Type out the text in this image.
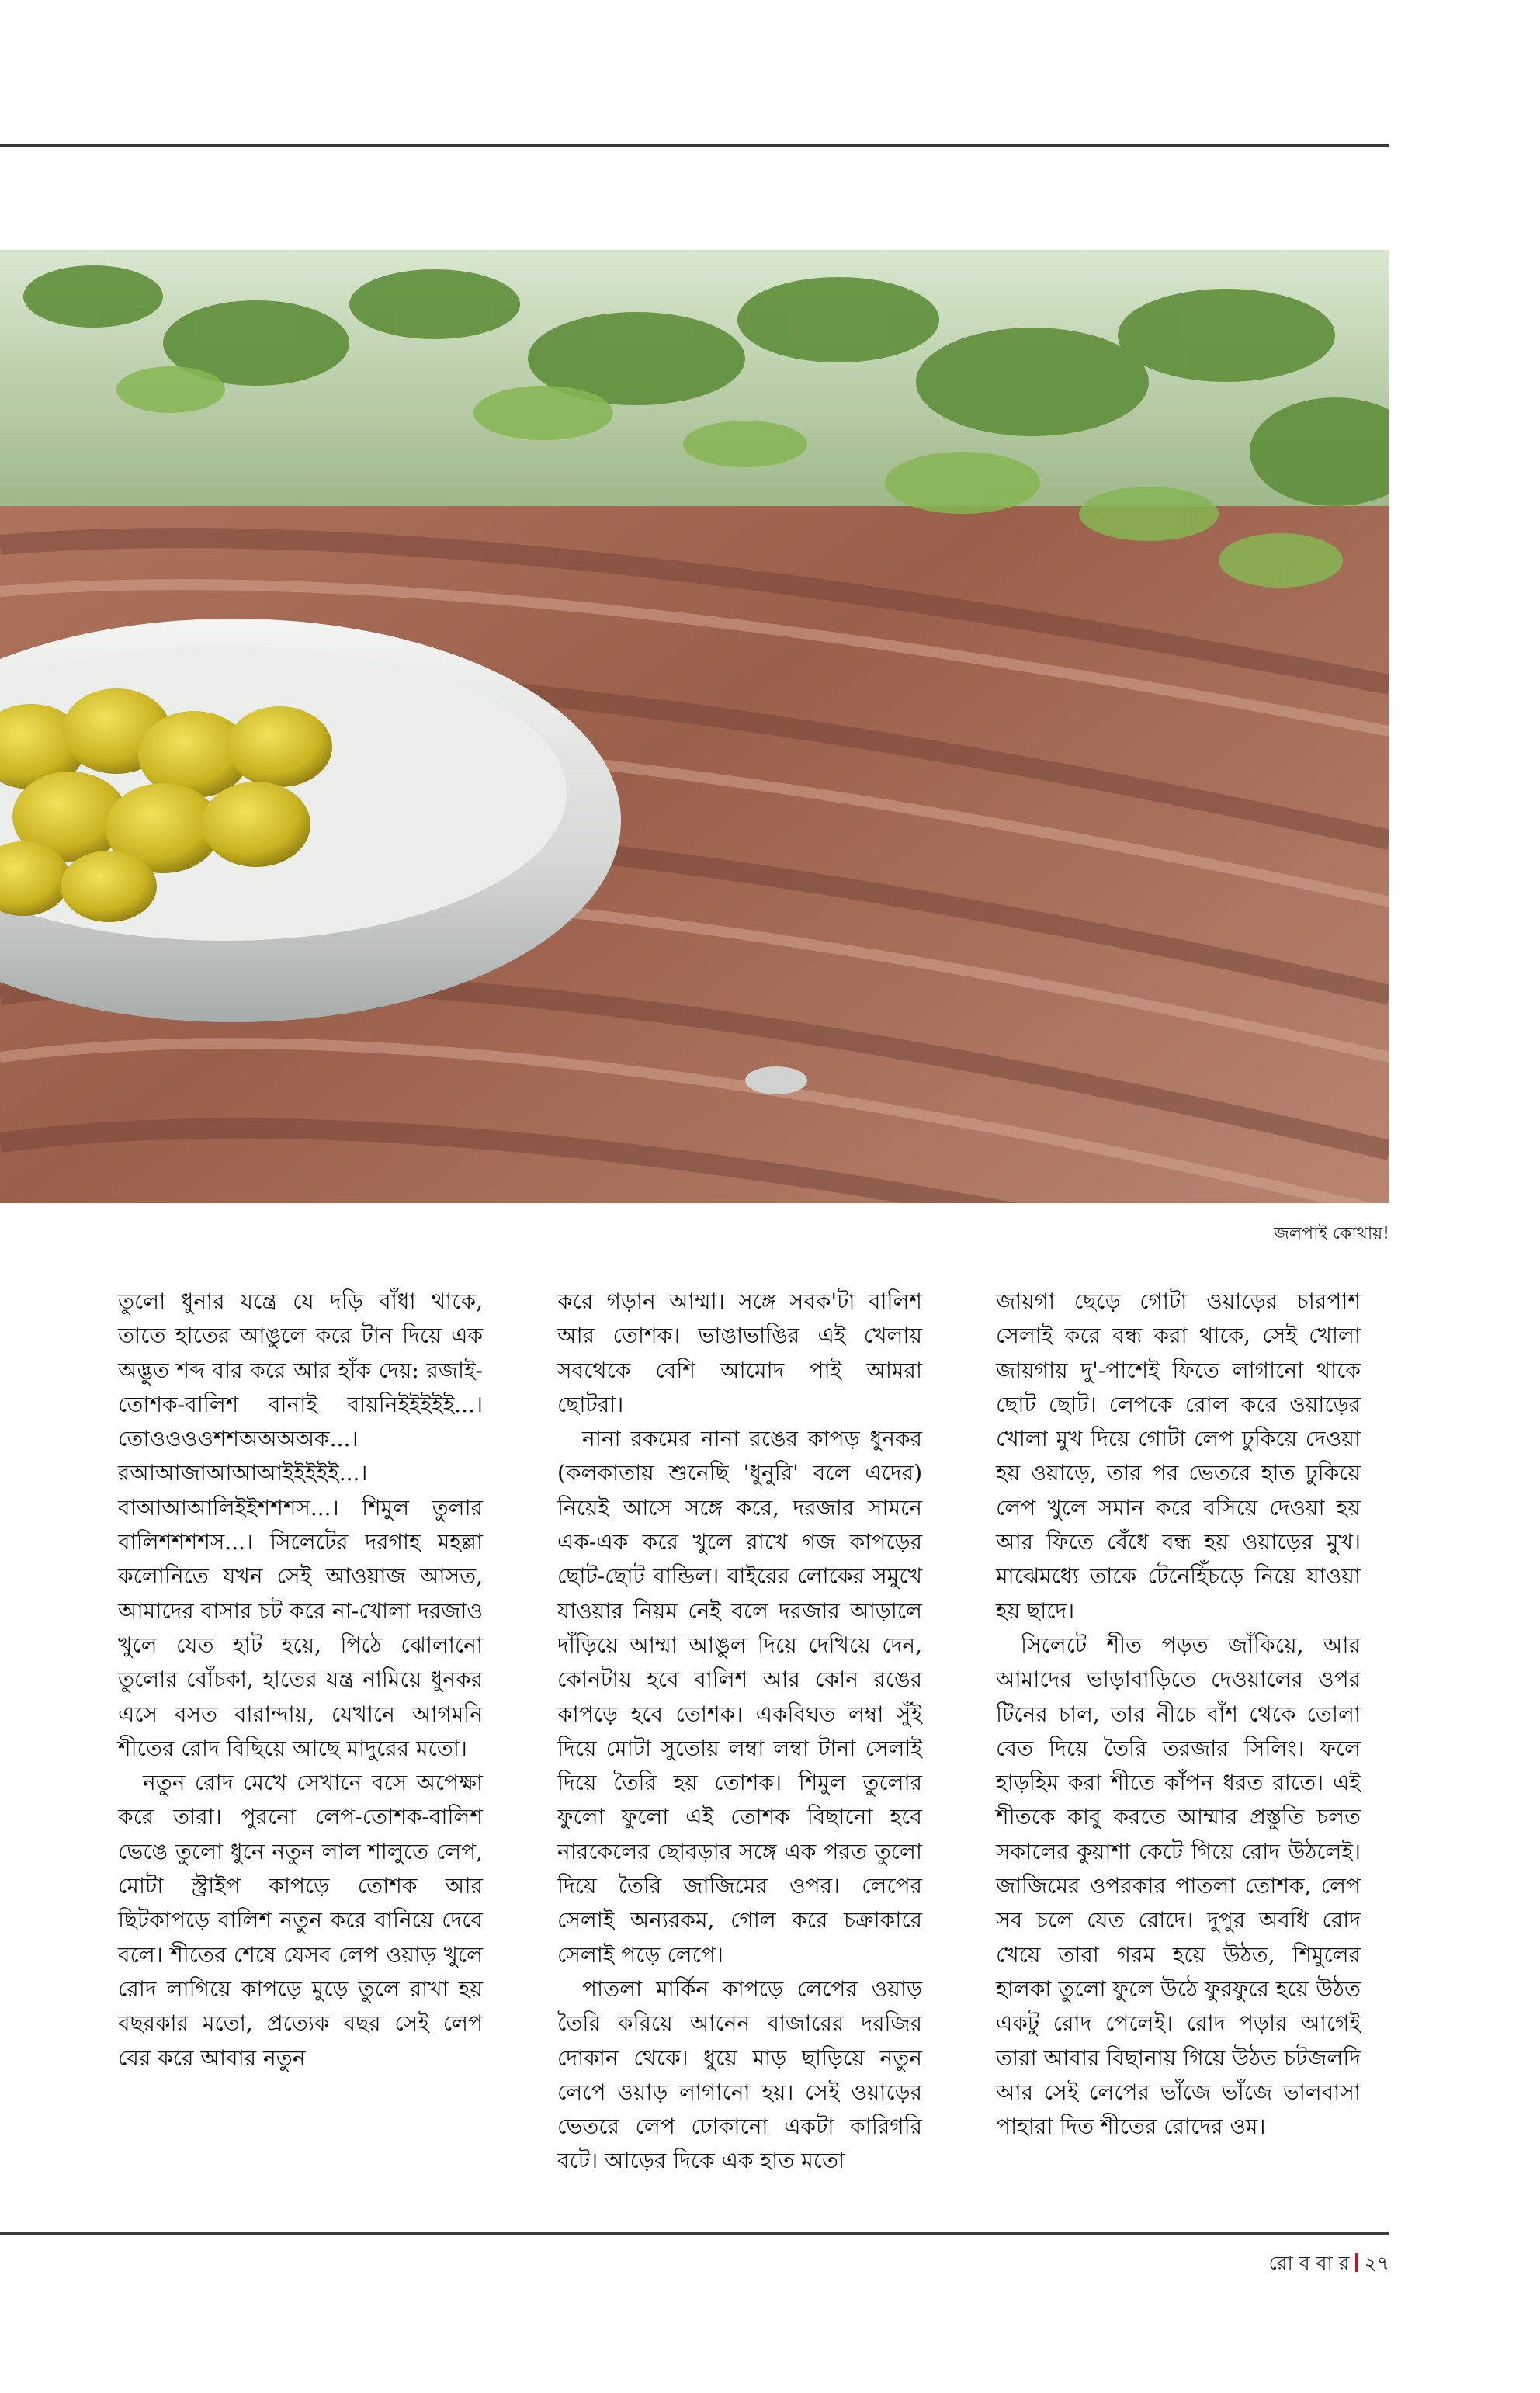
জলপাই কোথায়!

তুলো ধুনার যন্ত্রে যে দড়ি বাঁধা থাকে, তাতে হাতের আঙুলে করে টান দিয়ে এক অদ্ভুত শব্দ বার করে আর হাঁক দেয়: রজাই-তোশক-বালিশ বানাই বায়নিইইইইই...। তোওওওওশশঅঅঅঅক...। রআআজাআআআইইইইই...। বাআআআলিইইশশশস...। শিমুল তুলার বালিশশশশস...। সিলেটের দরগাহ মহল্লা কলোনিতে যখন সেই আওয়াজ আসত, আমাদের বাসার চট করে না-খোলা দরজাও খুলে যেত হাট হয়ে, পিঠে ঝোলানো তুলোর বোঁচকা, হাতের যন্ত্র নামিয়ে ধুনকর এসে বসত বারান্দায়, যেখানে আগমনি শীতের রোদ বিছিয়ে আছে মাদুরের মতো।

নতুন রোদ মেখে সেখানে বসে অপেক্ষা করে তারা। পুরনো লেপ-তোশক-বালিশ ভেঙে তুলো ধুনে নতুন লাল শালুতে লেপ, মোটা স্ট্রাইপ কাপড়ে তোশক আর ছিটকাপড়ে বালিশ নতুন করে বানিয়ে দেবে বলে। শীতের শেষে যেসব লেপ ওয়াড় খুলে রোদ লাগিয়ে কাপড়ে মুড়ে তুলে রাখা হয় বছরকার মতো, প্রত্যেক বছর সেই লেপ বের করে আবার নতুন

করে গড়ান আম্মা। সঙ্গে সবক'টা বালিশ আর তোশক। ভাঙাভাঙির এই খেলায় সবথেকে বেশি আমোদ পাই আমরা ছোটরা।

নানা রকমের নানা রঙের কাপড় ধুনকর (কলকাতায় শুনেছি 'ধুনুরি' বলে এদের) নিয়েই আসে সঙ্গে করে, দরজার সামনে এক-এক করে খুলে রাখে গজ কাপড়ের ছোট-ছোট বান্ডিল। বাইরের লোকের সমুখে যাওয়ার নিয়ম নেই বলে দরজার আড়ালে দাঁড়িয়ে আম্মা আঙুল দিয়ে দেখিয়ে দেন, কোনটায় হবে বালিশ আর কোন রঙের কাপড়ে হবে তোশক। একবিঘত লম্বা সুঁই দিয়ে মোটা সুতোয় লম্বা লম্বা টানা সেলাই দিয়ে তৈরি হয় তোশক। শিমুল তুলোর ফুলো ফুলো এই তোশক বিছানো হবে নারকেলের ছোবড়ার সঙ্গে এক পরত তুলো দিয়ে তৈরি জাজিমের ওপর। লেপের সেলাই অন্যরকম, গোল করে চক্রাকারে সেলাই পড়ে লেপে।

পাতলা মার্কিন কাপড়ে লেপের ওয়াড় তৈরি করিয়ে আনেন বাজারের দরজির দোকান থেকে। ধুয়ে মাড় ছাড়িয়ে নতুন লেপে ওয়াড় লাগানো হয়। সেই ওয়াড়ের ভেতরে লেপ ঢোকানো একটা কারিগরি বটে। আড়ের দিকে এক হাত মতো

জায়গা ছেড়ে গোটা ওয়াড়ের চারপাশ সেলাই করে বন্ধ করা থাকে, সেই খোলা জায়গায় দু'-পাশেই ফিতে লাগানো থাকে ছোট ছোট। লেপকে রোল করে ওয়াড়ের খোলা মুখ দিয়ে গোটা লেপ ঢুকিয়ে দেওয়া হয় ওয়াড়ে, তার পর ভেতরে হাত ঢুকিয়ে লেপ খুলে সমান করে বসিয়ে দেওয়া হয় আর ফিতে বেঁধে বন্ধ হয় ওয়াড়ের মুখ। মাঝেমধ্যে তাকে টেনেহিঁচড়ে নিয়ে যাওয়া হয় ছাদে।

সিলেটে শীত পড়ত জাঁকিয়ে, আর আমাদের ভাড়াবাড়িতে দেওয়ালের ওপর টিনের চাল, তার নীচে বাঁশ থেকে তোলা বেত দিয়ে তৈরি তরজার সিলিং। ফলে হাড়হিম করা শীতে কাঁপন ধরত রাতে। এই শীতকে কাবু করতে আম্মার প্রস্তুতি চলত সকালের কুয়াশা কেটে গিয়ে রোদ উঠলেই। জাজিমের ওপরকার পাতলা তোশক, লেপ সব চলে যেত রোদে। দুপুর অবধি রোদ খেয়ে তারা গরম হয়ে উঠত, শিমুলের হালকা তুলো ফুলে উঠে ফুরফুরে হয়ে উঠত একটু রোদ পেলেই। রোদ পড়ার আগেই তারা আবার বিছানায় গিয়ে উঠত চটজলদি আর সেই লেপের ভাঁজে ভাঁজে ভালবাসা পাহারা দিত শীতের রোদের ওম।

রো ব বা র ২৭
